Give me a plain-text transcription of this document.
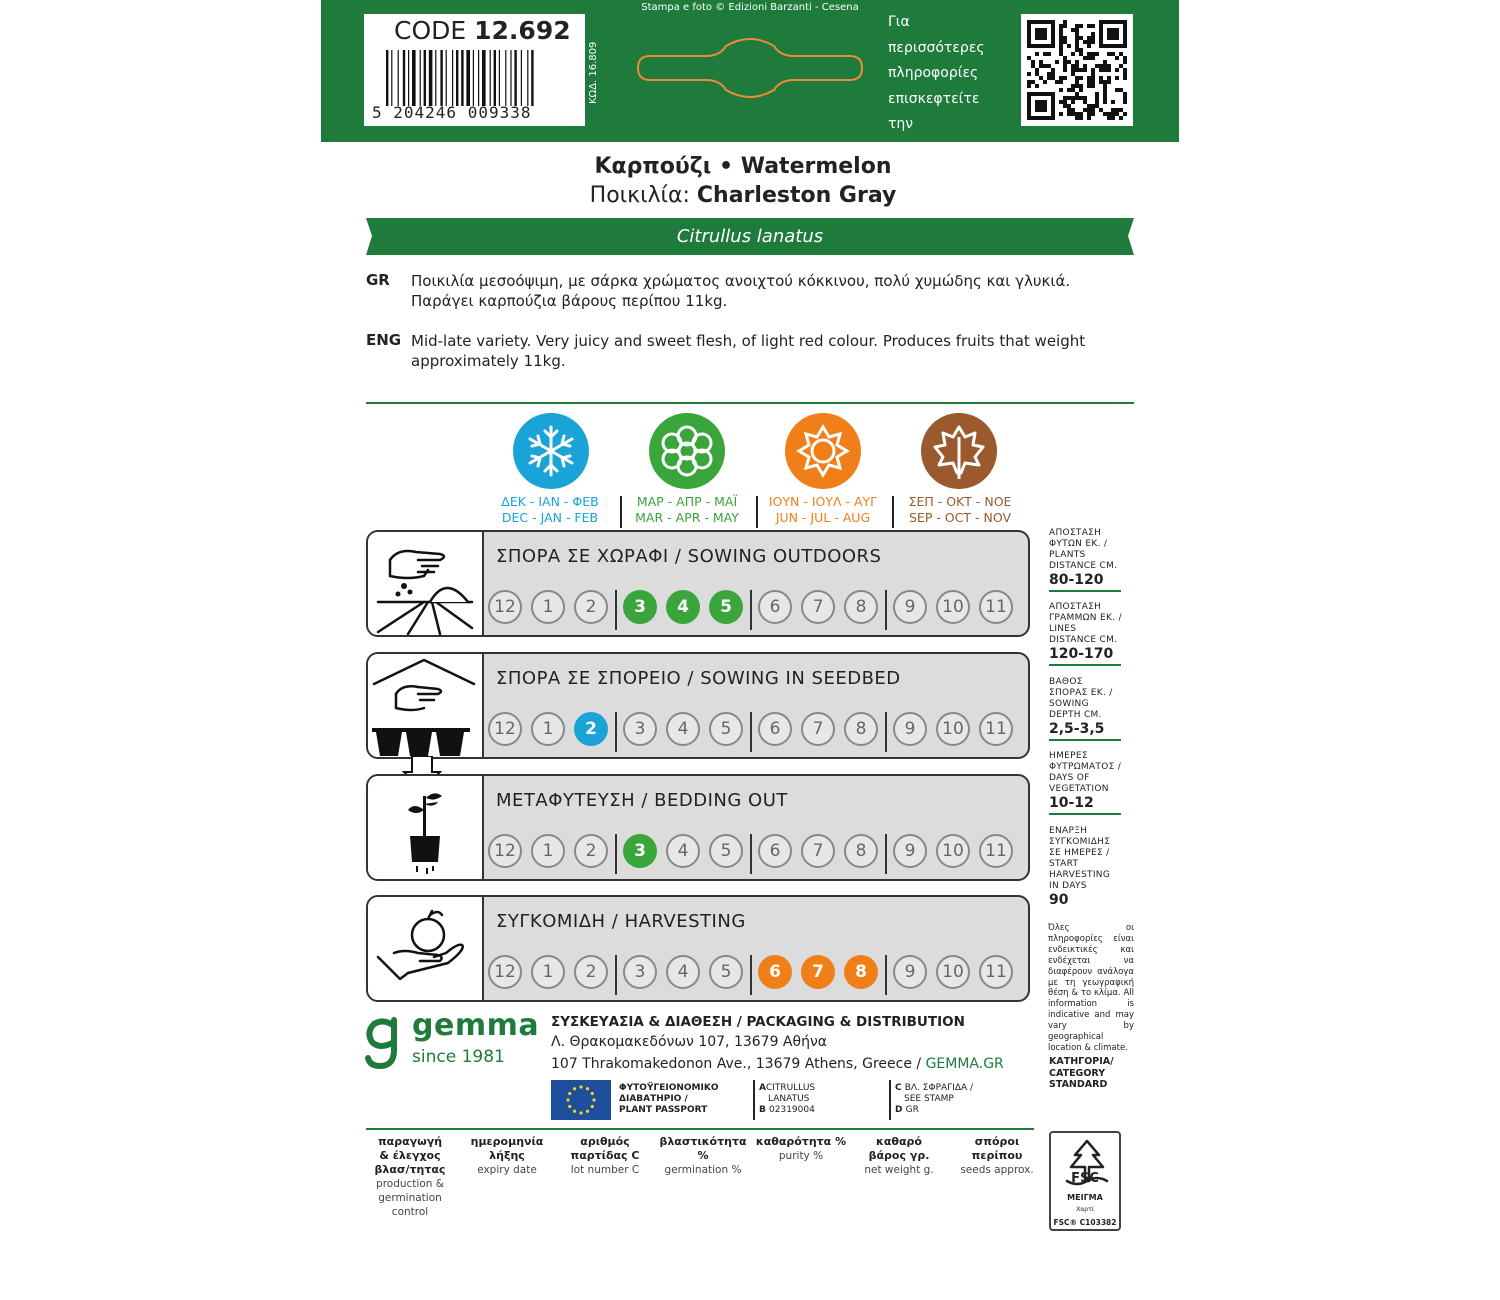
CODE 12.692
5 204246 009338
ΚΩΔ. 16.809
Stampa e foto © Edizioni Barzanti - Cesena
Για περισσότερες
πληροφορίες
επισκεφτείτε την
ιστοσελίδα μας
GEMMA.GR
Καρπούζι • Watermelon
Ποικιλία: Charleston Gray
Citrullus lanatus
GR Ποικιλία μεσοόψιμη, με σάρκα χρώματος ανοιχτού κόκκινου, πολύ χυμώδης και γλυκιά. Παράγει καρπούζια βάρους περίπου 11kg.
ENG Mid-late variety. Very juicy and sweet flesh, of light red colour. Produces fruits that weight approximately 11kg.
ΔΕΚ - ΙΑΝ - ΦΕΒ
DEC - JAN - FEB
ΜΑΡ - ΑΠΡ - ΜΑΪ
MAR - APR - MAY
ΙΟΥΝ - ΙΟΥΛ - ΑΥΓ
JUN - JUL - AUG
ΣΕΠ - ΟΚΤ - ΝΟΕ
SEP - OCT - NOV
ΣΠΟΡΑ ΣΕ ΧΩΡΑΦΙ / SOWING OUTDOORS
12	1	2	3	4	5	6	7	8	9	10	11
ΣΠΟΡΑ ΣΕ ΣΠΟΡΕΙΟ / SOWING IN SEEDBED
12	1	2	3	4	5	6	7	8	9	10	11
ΜΕΤΑΦΥΤΕΥΣΗ / BEDDING OUT
12	1	2	3	4	5	6	7	8	9	10	11
ΣΥΓΚΟΜΙΔΗ / HARVESTING
12	1	2	3	4	5	6	7	8	9	10	11
ΑΠΟΣΤΑΣΗ
ΦΥΤΩΝ ΕΚ. /
PLANTS
DISTANCE CM.
80-120
ΑΠΟΣΤΑΣΗ
ΓΡΑΜΜΩΝ ΕΚ. /
LINES
DISTANCE CM.
120-170
ΒΑΘΟΣ
ΣΠΟΡΑΣ ΕΚ. /
SOWING
DEPTH CM.
2,5-3,5
ΗΜΕΡΕΣ
ΦΥΤΡΩΜΑΤΟΣ /
DAYS OF
VEGETATION
10-12
ΕΝΑΡΞΗ
ΣΥΓΚΟΜΙΔΗΣ
ΣΕ ΗΜΕΡΕΣ /
START
HARVESTING
IN DAYS
90
Όλες οι πληροφορίες είναι ενδεικτικές και ενδέχεται να διαφέρουν ανάλογα με τη γεωγραφική θέση & το κλίμα. All information is indicative and may vary by geographical location & climate.
ΚΑΤΗΓΟΡΙΑ/ CATEGORY STANDARD
gemma
since 1981
ΣΥΣΚΕΥΑΣΙΑ & ΔΙΑΘΕΣΗ / PACKAGING & DISTRIBUTION
Λ. Θρακομακεδόνων 107, 13679 Αθήνα
107 Thrakomakedonon Ave., 13679 Athens, Greece / GEMMA.GR
ΦΥΤΟΫΓΕΙΟΝΟΜΙΚΟ
ΔΙΑΒΑΤΗΡΙΟ /
PLANT PASSPORT
ACITRULLUS
LANATUS
B 02319004
C ΒΛ. ΣΦΡΑΓΙΔΑ /
SEE STAMP
D GR
παραγωγή
& έλεγχος
βλασ/τητας
production &
germination
control
ημερομηνία
λήξης
expiry date
αριθμός
παρτίδας C
lot number C
βλαστικότητα %
germination %
καθαρότητα %
purity %
καθαρό
βάρος γρ.
net weight g.
σπόροι
περίπου
seeds approx.
FSC
ΜΕΙΓΜΑ
Χαρτί
FSC® C103382
